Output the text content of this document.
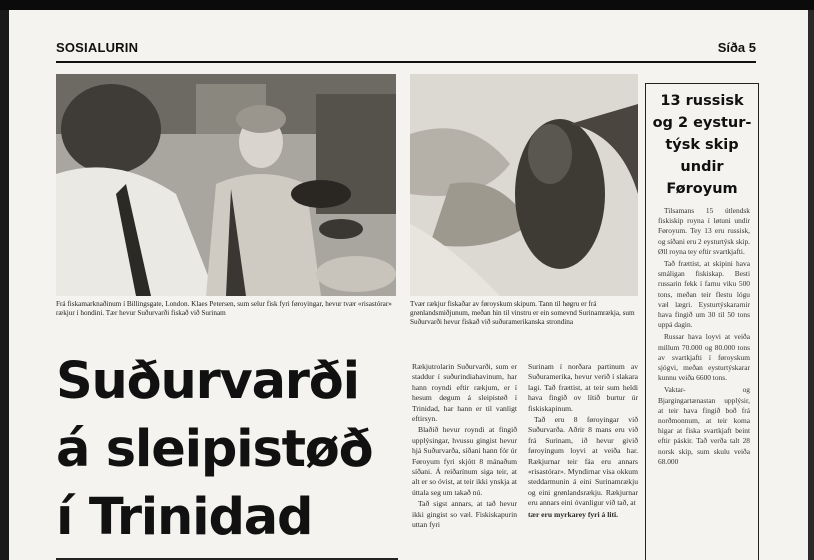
SOSIALURIN	Síða 5
Frá fiskamarknaðinum í Billingsgate, London. Klaes Petersen, sum selur fisk fyri føroyingar, hevur tvær «risastórar» rækjur í hondini. Tær hevur Suðurvarði fiskað við Surinam
Tvær rækjur fiskaðar av føroyskum skipum. Tann til høgru er frá grønlandsmiðjunum, meðan hin til vinstru er ein somevnd Surinamrækja, sum Suðurvarði hevur fiskað við suðuramerikanska strondina
Suðurvarði
á sleipistøð
í Trinidad

Rækjutrolarin Suðurvarði, sum er staddur í suðurindiahavinum, har hann royndi eftir rækjum, er í hesum døgum á sleipistøð í Trinidad, har hann er til vanligt eftirsyn.

Blaðið hevur royndi at fingið upplýsingar, hvussu gingist hevur hjá Suðurvarða, síðani hann fór úr Føroyum fyri skjótt 8 mánaðum síðani. Á reiðarínum siga teir, at alt er so óvist, at teir ikki ynskja at úttala seg um takað nú.

Tað sigst annars, at tað hevur ikki gingist so væl. Fiskiskapurin uttan fyri

Surinam í norðara partinum av Suðuramerika, hevur verið í slakara lagi. Tað frættist, at teir sum heldi hava fingið ov lítið burtur úr fiskiskapinum.

Tað eru 8 føroyingar við Suðurvarða. Aðrir 8 mans eru við frá Surinam, ið hevur givið føroyingum loyvi at veiða har. Rækjurnar teir fáa eru annars «risastórar». Myndirnar vísa okkum steddarmunin á eini Surinamrækju og eini grønlandsrækju. Rækjurnar eru annars eini óvanligur við tað, at

tær eru myrkarey fyri á liti.

13 russisk
og 2 eystur-
týsk skip
undir
Føroyum

Tilsamans 15 útlendsk fiskiskip royna í løtuni undir Føroyum. Tey 13 eru russisk, og síðani eru 2 eysturtýsk skip. Øll royna tey eftir svartkjafti.

Tað frættist, at skipini hava smáligan fiskiskap. Besti russarin fekk í farnu viku 500 tons, meðan teir flestu lógu væl lægri. Eysturtýskararnir hava fingið um 30 til 50 tons uppá dagin.

Russar hava loyvi at veiða millum 70.000 og 80.000 tons av svartkjafti í føroyskum sjógvi, meðan eysturtýskarar kunnu veiða 6600 tons.

Vaktar- og Bjargingartænastan upplýsir, at teir hava fingið boð frá norðmonnum, at teir koma higar at fiska svartkjaft beint eftir páskir. Tað verða talt 28 norsk skip, sum skulu veiða 68.000
